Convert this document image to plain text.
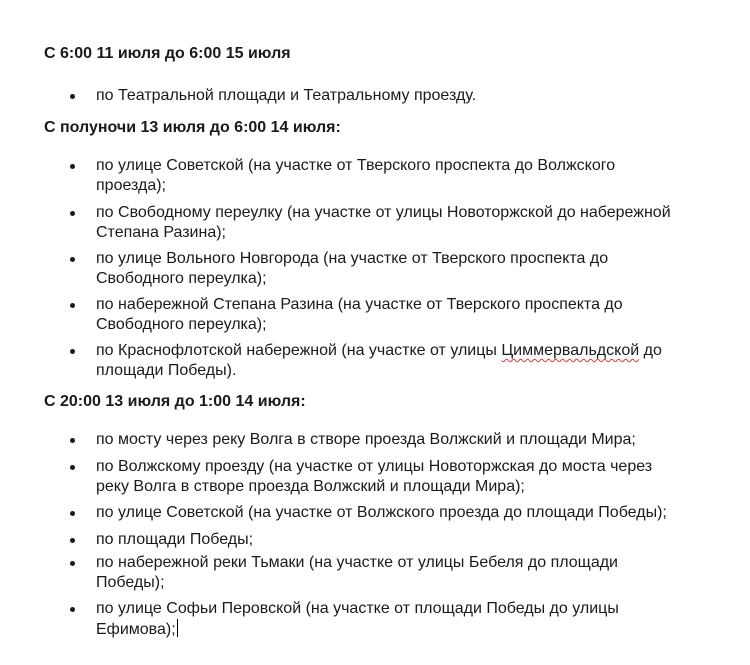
С 6:00 11 июля до 6:00 15 июля
по Театральной площади и Театральному проезду.
С полуночи 13 июля до 6:00 14 июля:
по улице Советской (на участке от Тверского проспекта до Волжского
проезда);
по Свободному переулку (на участке от улицы Новоторжской до набережной
Степана Разина);
по улице Вольного Новгорода (на участке от Тверского проспекта до
Свободного переулка);
по набережной Степана Разина (на участке от Тверского проспекта до
Свободного переулка);
по Краснофлотской набережной (на участке от улицы Циммервальдской до
площади Победы).
С 20:00 13 июля до 1:00 14 июля:
по мосту через реку Волга в створе проезда Волжский и площади Мира;
по Волжскому проезду (на участке от улицы Новоторжская до моста через
реку Волга в створе проезда Волжский и площади Мира);
по улице Советской (на участке от Волжского проезда до площади Победы);
по площади Победы;
по набережной реки Тьмаки (на участке от улицы Бебеля до площади
Победы);
по улице Софьи Перовской (на участке от площади Победы до улицы
Ефимова);
